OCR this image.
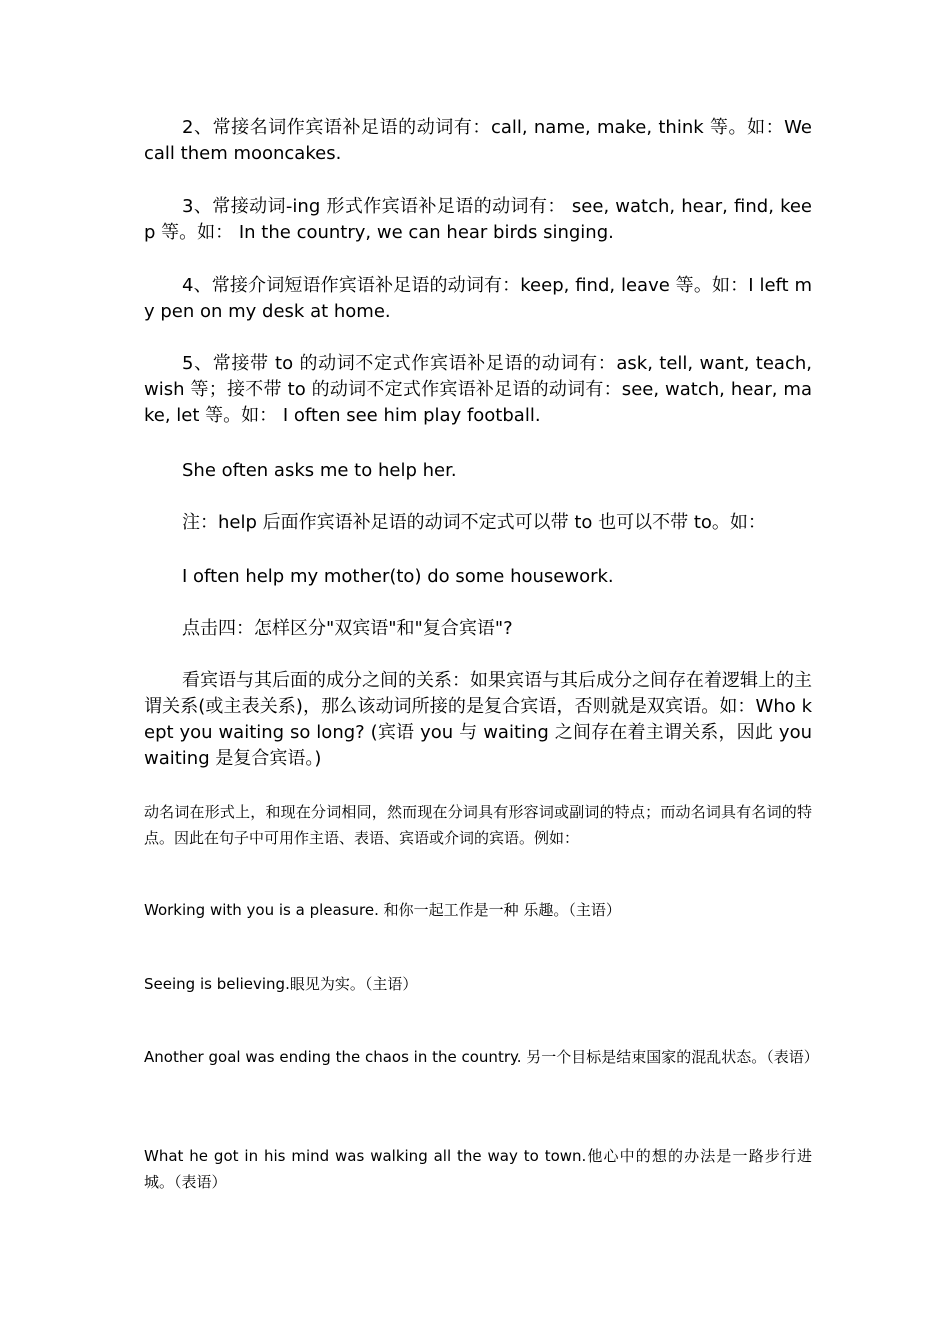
2、常接名词作宾语补足语的动词有：call, name, make, think 等。如：We call them mooncakes.

3、常接动词-ing 形式作宾语补足语的动词有： see, watch, hear, find, keep 等。如： In the country, we can hear birds singing.

4、常接介词短语作宾语补足语的动词有：keep, find, leave 等。如：I left my pen on my desk at home.

5、常接带 to 的动词不定式作宾语补足语的动词有：ask, tell, want, teach, wish 等；接不带 to 的动词不定式作宾语补足语的动词有：see, watch, hear, make, let 等。如： I often see him play football.

She often asks me to help her.

注：help 后面作宾语补足语的动词不定式可以带 to 也可以不带 to。如：

I often help my mother(to) do some housework.

点击四：怎样区分"双宾语"和"复合宾语"?

看宾语与其后面的成分之间的关系：如果宾语与其后成分之间存在着逻辑上的主谓关系(或主表关系)，那么该动词所接的是复合宾语，否则就是双宾语。如：Who kept you waiting so long? (宾语 you 与 waiting 之间存在着主谓关系，因此 you waiting 是复合宾语。)

动名词在形式上，和现在分词相同，然而现在分词具有形容词或副词的特点；而动名词具有名词的特点。因此在句子中可用作主语、表语、宾语或介词的宾语。例如：

Working with you is a pleasure. 和你一起工作是一种 乐趣。（主语）

Seeing is believing.眼见为实。（主语）

Another goal was ending the chaos in the country. 另一个目标是结束国家的混乱状态。（表语）

What he got in his mind was walking all the way to town.他心中的想的办法是一路步行进城。（表语）
